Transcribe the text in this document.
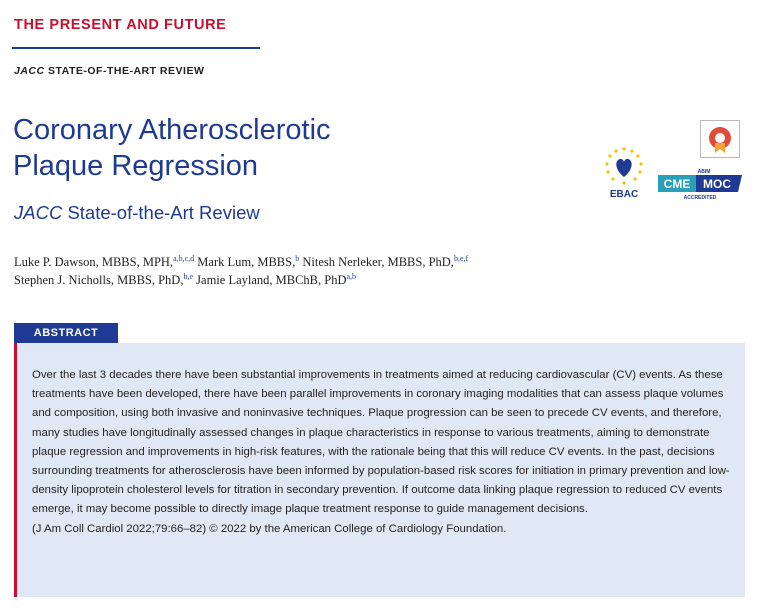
THE PRESENT AND FUTURE
JACC STATE-OF-THE-ART REVIEW
Coronary Atherosclerotic
Plaque Regression
JACC State-of-the-Art Review
Luke P. Dawson, MBBS, MPH,$^{a,b,c,d}$ Mark Lum, MBBS,$^b$ Nitesh Nerleker, MBBS, PhD,$^{b,e,f}$
Stephen J. Nicholls, MBBS, PhD,$^{b,e}$ Jamie Layland, MBChB, PhD$^{a,b}$
EBAC
ABIM
CME MOC
ACCREDITED
ABSTRACT
Over the last 3 decades there have been substantial improvements in treatments aimed at reducing cardiovascular (CV) events. As these treatments have been developed, there have been parallel improvements in coronary imaging modalities that can assess plaque volumes and composition, using both invasive and noninvasive techniques. Plaque progression can be seen to precede CV events, and therefore, many studies have longitudinally assessed changes in plaque characteristics in response to various treatments, aiming to demonstrate plaque regression and improvements in high-risk features, with the rationale being that this will reduce CV events. In the past, decisions surrounding treatments for atherosclerosis have been informed by population-based risk scores for initiation in primary prevention and low-density lipoprotein cholesterol levels for titration in secondary prevention. If outcome data linking plaque regression to reduced CV events emerge, it may become possible to directly image plaque treatment response to guide management decisions.
(J Am Coll Cardiol 2022;79:66–82) © 2022 by the American College of Cardiology Foundation.
